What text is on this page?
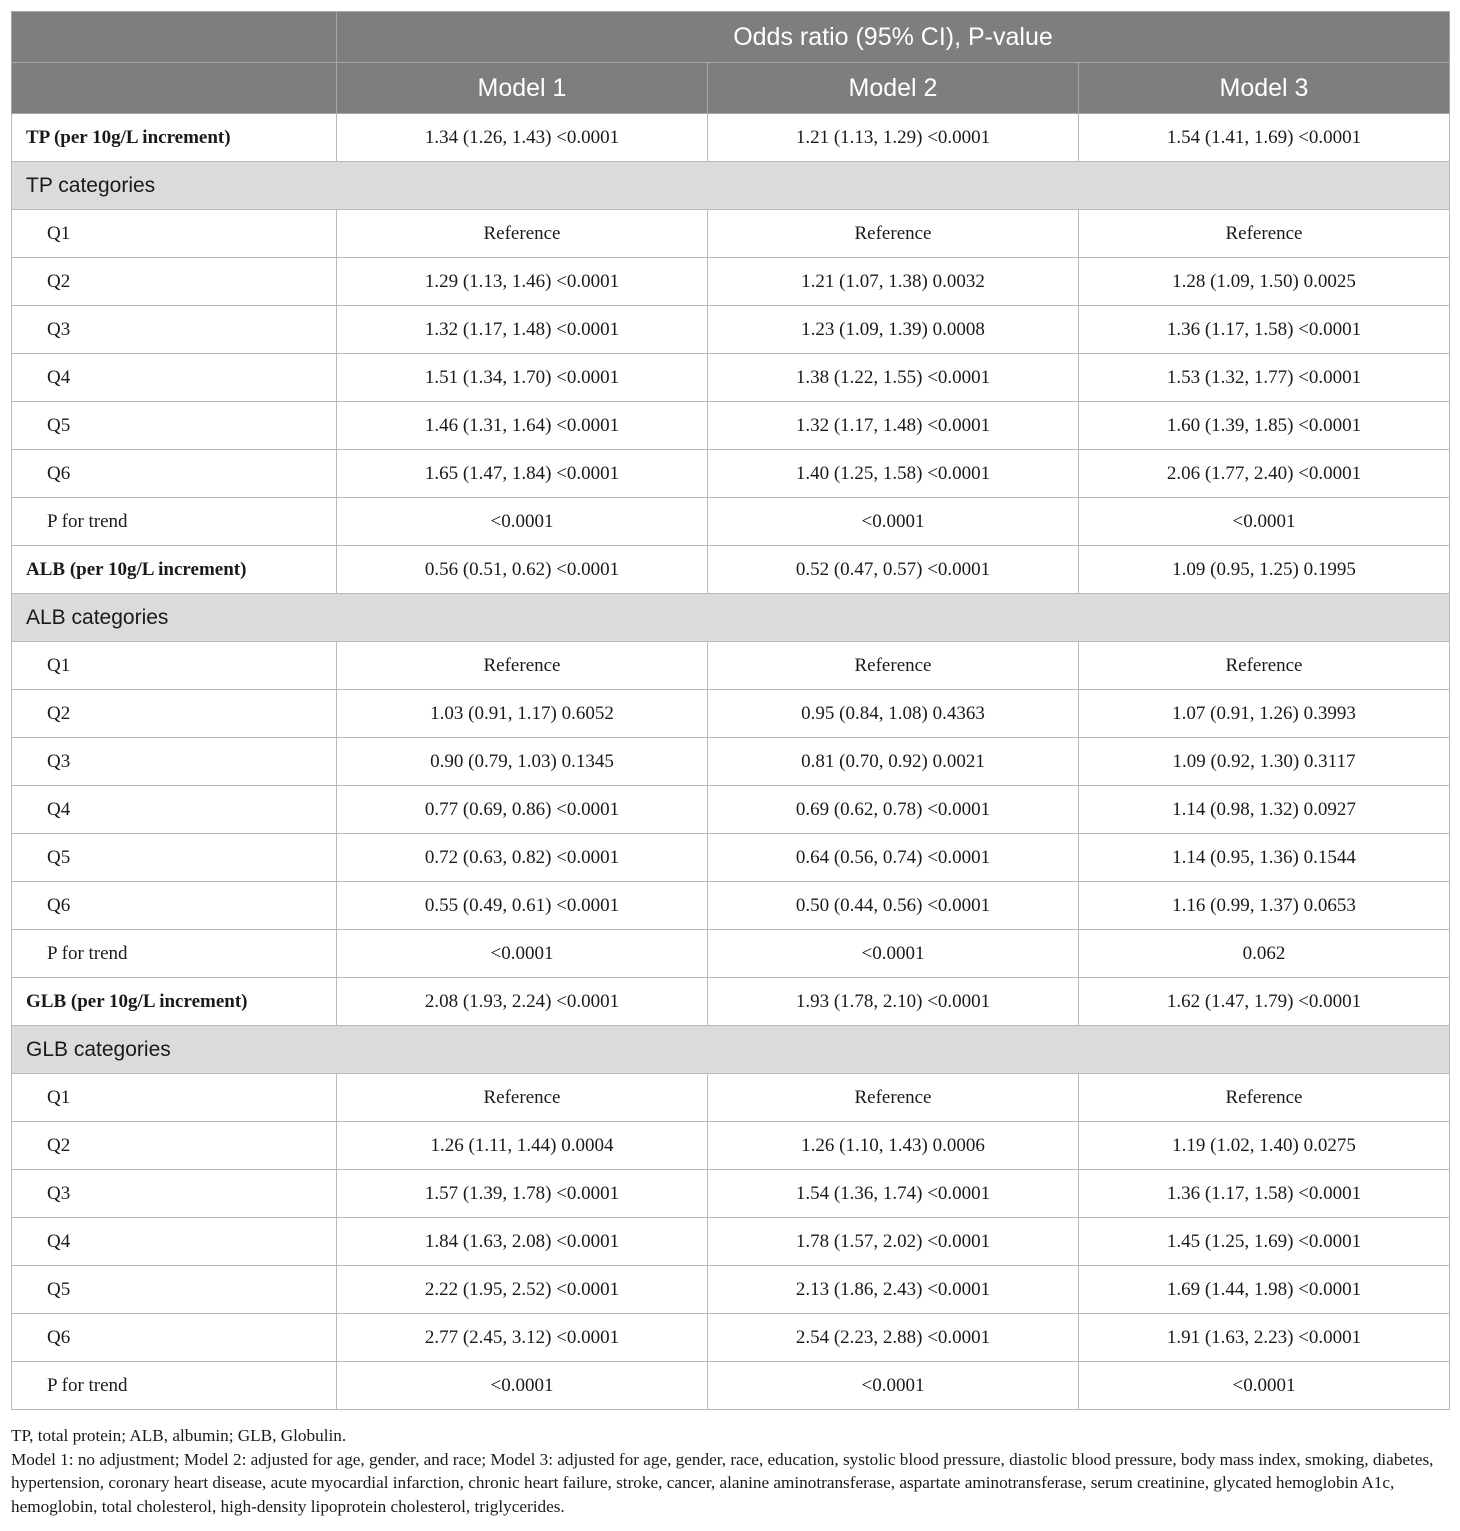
	Odds ratio (95% CI), P-value		
	Model 1	Model 2	Model 3
TP (per 10g/L increment)	1.34 (1.26, 1.43) <0.0001	1.21 (1.13, 1.29) <0.0001	1.54 (1.41, 1.69) <0.0001
TP categories			
Q1	Reference	Reference	Reference
Q2	1.29 (1.13, 1.46) <0.0001	1.21 (1.07, 1.38) 0.0032	1.28 (1.09, 1.50) 0.0025
Q3	1.32 (1.17, 1.48) <0.0001	1.23 (1.09, 1.39) 0.0008	1.36 (1.17, 1.58) <0.0001
Q4	1.51 (1.34, 1.70) <0.0001	1.38 (1.22, 1.55) <0.0001	1.53 (1.32, 1.77) <0.0001
Q5	1.46 (1.31, 1.64) <0.0001	1.32 (1.17, 1.48) <0.0001	1.60 (1.39, 1.85) <0.0001
Q6	1.65 (1.47, 1.84) <0.0001	1.40 (1.25, 1.58) <0.0001	2.06 (1.77, 2.40) <0.0001
P for trend	<0.0001	<0.0001	<0.0001
ALB (per 10g/L increment)	0.56 (0.51, 0.62) <0.0001	0.52 (0.47, 0.57) <0.0001	1.09 (0.95, 1.25) 0.1995
ALB categories			
Q1	Reference	Reference	Reference
Q2	1.03 (0.91, 1.17) 0.6052	0.95 (0.84, 1.08) 0.4363	1.07 (0.91, 1.26) 0.3993
Q3	0.90 (0.79, 1.03) 0.1345	0.81 (0.70, 0.92) 0.0021	1.09 (0.92, 1.30) 0.3117
Q4	0.77 (0.69, 0.86) <0.0001	0.69 (0.62, 0.78) <0.0001	1.14 (0.98, 1.32) 0.0927
Q5	0.72 (0.63, 0.82) <0.0001	0.64 (0.56, 0.74) <0.0001	1.14 (0.95, 1.36) 0.1544
Q6	0.55 (0.49, 0.61) <0.0001	0.50 (0.44, 0.56) <0.0001	1.16 (0.99, 1.37) 0.0653
P for trend	<0.0001	<0.0001	0.062
GLB (per 10g/L increment)	2.08 (1.93, 2.24) <0.0001	1.93 (1.78, 2.10) <0.0001	1.62 (1.47, 1.79) <0.0001
GLB categories			
Q1	Reference	Reference	Reference
Q2	1.26 (1.11, 1.44) 0.0004	1.26 (1.10, 1.43) 0.0006	1.19 (1.02, 1.40) 0.0275
Q3	1.57 (1.39, 1.78) <0.0001	1.54 (1.36, 1.74) <0.0001	1.36 (1.17, 1.58) <0.0001
Q4	1.84 (1.63, 2.08) <0.0001	1.78 (1.57, 2.02) <0.0001	1.45 (1.25, 1.69) <0.0001
Q5	2.22 (1.95, 2.52) <0.0001	2.13 (1.86, 2.43) <0.0001	1.69 (1.44, 1.98) <0.0001
Q6	2.77 (2.45, 3.12) <0.0001	2.54 (2.23, 2.88) <0.0001	1.91 (1.63, 2.23) <0.0001
P for trend	<0.0001	<0.0001	<0.0001

TP, total protein; ALB, albumin; GLB, Globulin.

Model 1: no adjustment; Model 2: adjusted for age, gender, and race; Model 3: adjusted for age, gender, race, education, systolic blood pressure, diastolic blood pressure, body mass index, smoking, diabetes, hypertension, coronary heart disease, acute myocardial infarction, chronic heart failure, stroke, cancer, alanine aminotransferase, aspartate aminotransferase, serum creatinine, glycated hemoglobin A1c, hemoglobin, total cholesterol, high-density lipoprotein cholesterol, triglycerides.
